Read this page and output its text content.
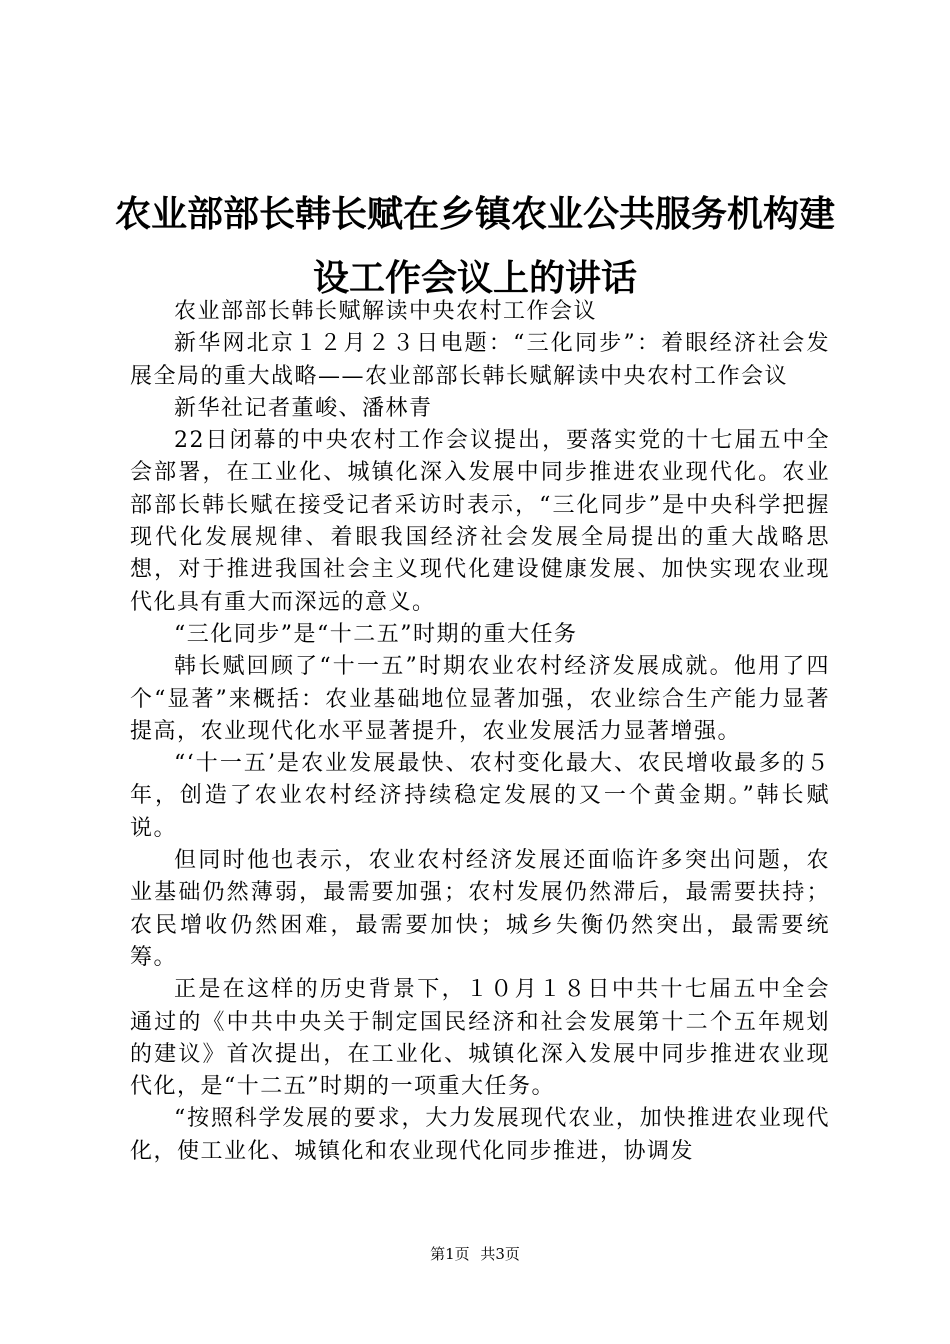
农业部部长韩长赋在乡镇农业公共服务机构建
设工作会议上的讲话

农业部部长韩长赋解读中央农村工作会议

新华网北京１２月２３日电题：“三化同步”：着眼经济社会发展全局的重大战略——农业部部长韩长赋解读中央农村工作会议

新华社记者董峻、潘林青

22日闭幕的中央农村工作会议提出，要落实党的十七届五中全会部署，在工业化、城镇化深入发展中同步推进农业现代化。农业部部长韩长赋在接受记者采访时表示，“三化同步”是中央科学把握现代化发展规律、着眼我国经济社会发展全局提出的重大战略思想，对于推进我国社会主义现代化建设健康发展、加快实现农业现代化具有重大而深远的意义。

“三化同步”是“十二五”时期的重大任务

韩长赋回顾了“十一五”时期农业农村经济发展成就。他用了四个“显著”来概括：农业基础地位显著加强，农业综合生产能力显著提高，农业现代化水平显著提升，农业发展活力显著增强。

“‘十一五’是农业发展最快、农村变化最大、农民增收最多的５年，创造了农业农村经济持续稳定发展的又一个黄金期。”韩长赋说。

但同时他也表示，农业农村经济发展还面临许多突出问题，农业基础仍然薄弱，最需要加强；农村发展仍然滞后，最需要扶持；农民增收仍然困难，最需要加快；城乡失衡仍然突出，最需要统筹。

正是在这样的历史背景下，１０月１８日中共十七届五中全会通过的《中共中央关于制定国民经济和社会发展第十二个五年规划的建议》首次提出，在工业化、城镇化深入发展中同步推进农业现代化，是“十二五”时期的一项重大任务。

“按照科学发展的要求，大力发展现代农业，加快推进农业现代化，使工业化、城镇化和农业现代化同步推进，协调发

第1页 共3页
